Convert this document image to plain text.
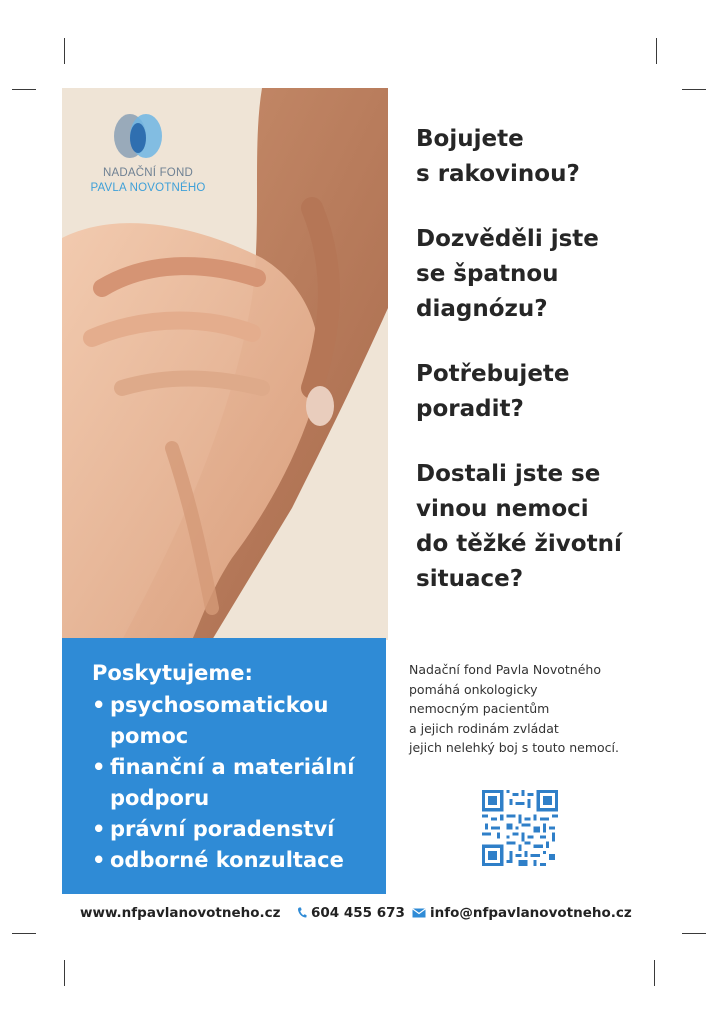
NADAČNÍ FOND
PAVLA NOVOTNÉHO

Bojujete
s rakovinou?

Dozvěděli jste
se špatnou
diagnózu?

Potřebujete
poradit?

Dostali jste se
vinou nemoci
do těžké životní
situace?

Poskytujeme:
• psychosomatickou
pomoc
• finanční a materiální
podporu
• právní poradenství
• odborné konzultace
Nadační fond Pavla Novotného
pomáhá onkologicky
nemocným pacientům
a jejich rodinám zvládat
jejich nelehký boj s touto nemocí.
www.nfpavlanovotneho.cz	604 455 673	info@nfpavlanovotneho.cz
